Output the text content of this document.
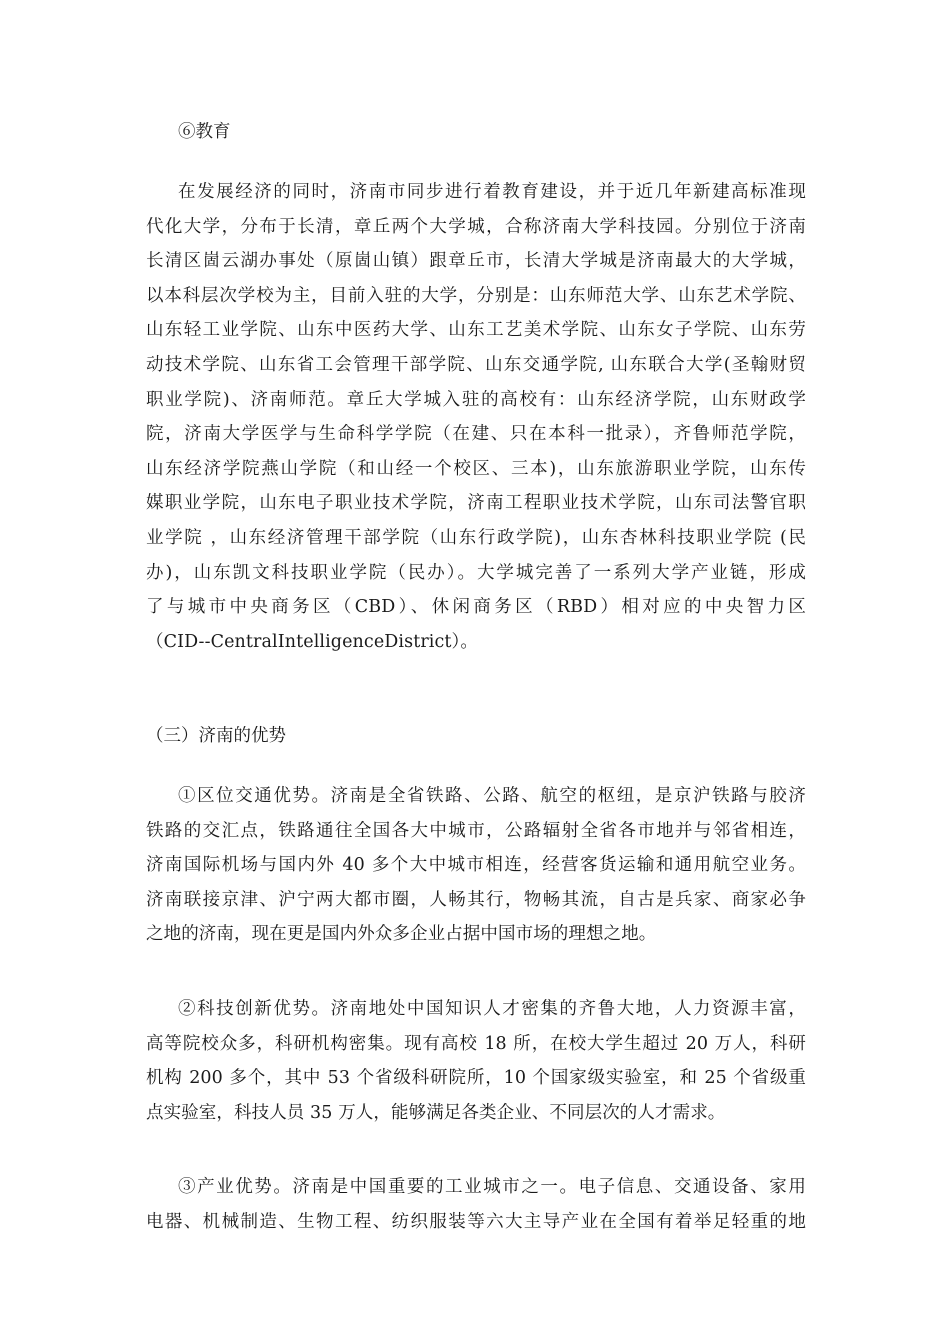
⑥教育
在发展经济的同时，济南市同步进行着教育建设，并于近几年新建高标准现
代化大学，分布于长清，章丘两个大学城，合称济南大学科技园。分别位于济南
长清区崮云湖办事处（原崮山镇）跟章丘市，长清大学城是济南最大的大学城，
以本科层次学校为主，目前入驻的大学，分别是：山东师范大学、山东艺术学院、
山东轻工业学院、山东中医药大学、山东工艺美术学院、山东女子学院、山东劳
动技术学院、山东省工会管理干部学院、山东交通学院, 山东联合大学(圣翰财贸
职业学院)、济南师范。章丘大学城入驻的高校有：山东经济学院，山东财政学
院，济南大学医学与生命科学学院（在建、只在本科一批录），齐鲁师范学院，
山东经济学院燕山学院（和山经一个校区、三本)，山东旅游职业学院，山东传
媒职业学院，山东电子职业技术学院，济南工程职业技术学院，山东司法警官职
业学院 ，山东经济管理干部学院（山东行政学院)，山东杏林科技职业学院 (民
办)，山东凯文科技职业学院（民办）。大学城完善了一系列大学产业链，形成
了与城市中央商务区（CBD）、休闲商务区（RBD）相对应的中央智力区
（CID--CentralIntelligenceDistrict）。
（三）济南的优势
①区位交通优势。济南是全省铁路、公路、航空的枢纽，是京沪铁路与胶济
铁路的交汇点，铁路通往全国各大中城市，公路辐射全省各市地并与邻省相连，
济南国际机场与国内外 40 多个大中城市相连，经营客货运输和通用航空业务。
济南联接京津、沪宁两大都市圈，人畅其行，物畅其流，自古是兵家、商家必争
之地的济南，现在更是国内外众多企业占据中国市场的理想之地。
②科技创新优势。济南地处中国知识人才密集的齐鲁大地，人力资源丰富，
高等院校众多，科研机构密集。现有高校 18 所，在校大学生超过 20 万人，科研
机构 200 多个，其中 53 个省级科研院所，10 个国家级实验室，和 25 个省级重
点实验室，科技人员 35 万人，能够满足各类企业、不同层次的人才需求。
③产业优势。济南是中国重要的工业城市之一。电子信息、交通设备、家用
电器、机械制造、生物工程、纺织服装等六大主导产业在全国有着举足轻重的地
